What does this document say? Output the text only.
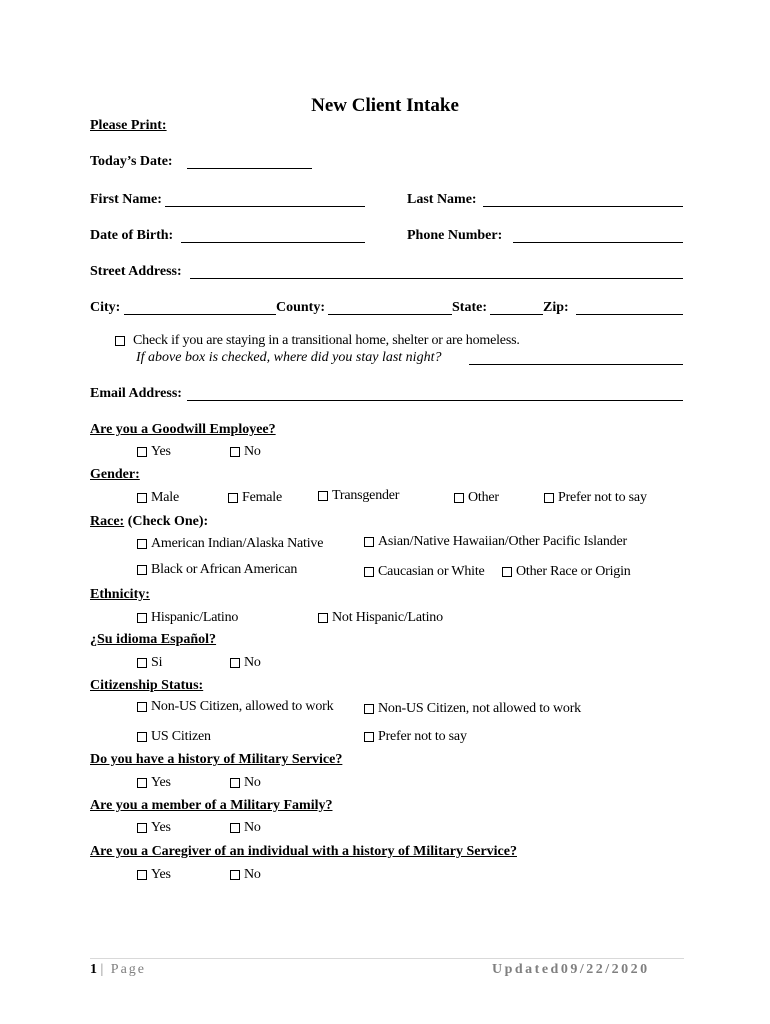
New Client Intake
Please Print:
Today’s Date:
First Name:	Last Name:
Date of Birth:	Phone Number:
Street Address:
City:	County:	State:	Zip:
Check if you are staying in a transitional home, shelter or are homeless.
If above box is checked, where did you stay last night?
Email Address:
Are you a Goodwill Employee?
Yes	No
Gender:
Male	Female	Transgender	Other	Prefer not to say
Race: (Check One):
American Indian/Alaska Native	Asian/Native Hawaiian/Other Pacific Islander
Black or African American	Caucasian or White Other Race or Origin
Ethnicity:
Hispanic/Latino	Not Hispanic/Latino
¿Su idioma Español?
Si	No
Citizenship Status:
Non-US Citizen, allowed to work	Non-US Citizen, not allowed to work
US Citizen	Prefer not to say
Do you have a history of Military Service?
Yes	No
Are you a member of a Military Family?
Yes	No
Are you a Caregiver of an individual with a history of Military Service?
Yes	No
1 | Page	Updated09/22/2020
